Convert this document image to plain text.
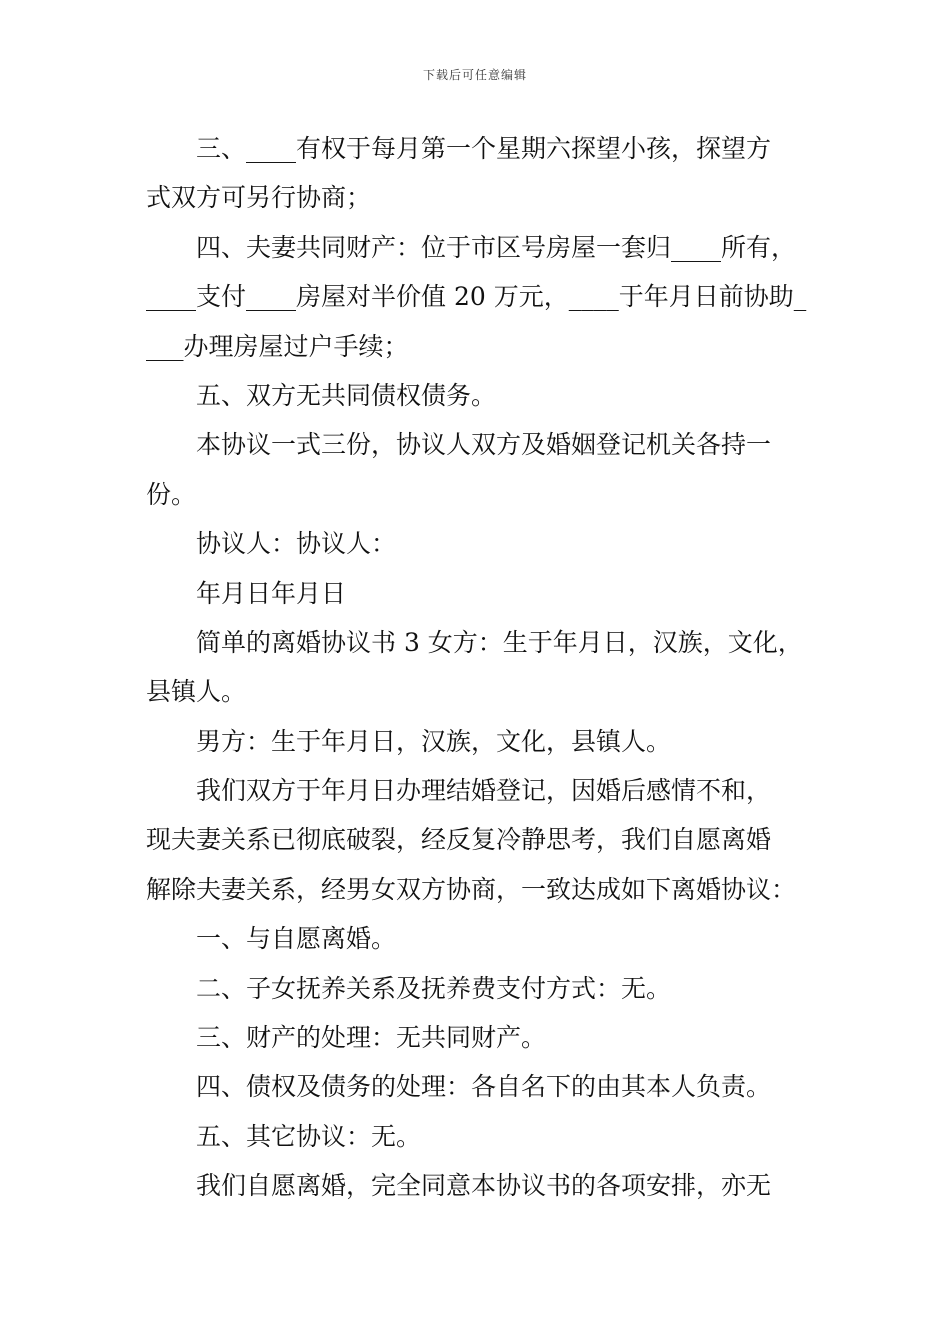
下载后可任意编辑
三、____有权于每月第一个星期六探望小孩，探望方
式双方可另行协商；
四、夫妻共同财产：位于市区号房屋一套归____所有，
____支付____房屋对半价值 20 万元，____于年月日前协助_
___办理房屋过户手续；
五、双方无共同债权债务。
本协议一式三份，协议人双方及婚姻登记机关各持一
份。
协议人：协议人：
年月日年月日
简单的离婚协议书 3 女方：生于年月日，汉族，文化，
县镇人。
男方：生于年月日，汉族，文化，县镇人。
我们双方于年月日办理结婚登记，因婚后感情不和，
现夫妻关系已彻底破裂，经反复冷静思考，我们自愿离婚
解除夫妻关系，经男女双方协商，一致达成如下离婚协议：
一、与自愿离婚。
二、子女抚养关系及抚养费支付方式：无。
三、财产的处理：无共同财产。
四、债权及债务的处理：各自名下的由其本人负责。
五、其它协议：无。
我们自愿离婚，完全同意本协议书的各项安排，亦无
